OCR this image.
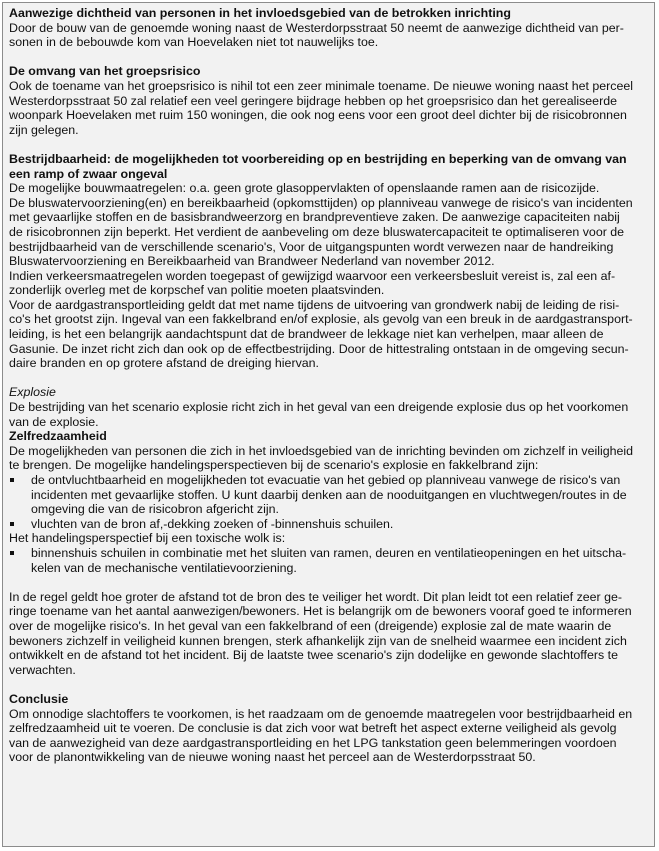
Aanwezige dichtheid van personen in het invloedsgebied van de betrokken inrichting

Door de bouw van de genoemde woning naast de Westerdorpsstraat 50 neemt de aanwezige dichtheid van per-

sonen in de bebouwde kom van Hoevelaken niet tot nauwelijks toe.

De omvang van het groepsrisico

Ook de toename van het groepsrisico is nihil tot een zeer minimale toename. De nieuwe woning naast het perceel

Westerdorpsstraat 50 zal relatief een veel geringere bijdrage hebben op het groepsrisico dan het gerealiseerde

woonpark Hoevelaken met ruim 150 woningen, die ook nog eens voor een groot deel dichter bij de risicobronnen

zijn gelegen.

Bestrijdbaarheid: de mogelijkheden tot voorbereiding op en bestrijding en beperking van de omvang van
een ramp of zwaar ongeval

De mogelijke bouwmaatregelen: o.a. geen grote glasoppervlakten of openslaande ramen aan de risicozijde.

De bluswatervoorziening(en) en bereikbaarheid (opkomsttijden) op planniveau vanwege de risico's van incidenten

met gevaarlijke stoffen en de basisbrandweerzorg en brandpreventieve zaken. De aanwezige capaciteiten nabij

de risicobronnen zijn beperkt. Het verdient de aanbeveling om deze bluswatercapaciteit te optimaliseren voor de

bestrijdbaarheid van de verschillende scenario's, Voor de uitgangspunten wordt verwezen naar de handreiking

Bluswatervoorziening en Bereikbaarheid van Brandweer Nederland van november 2012.

Indien verkeersmaatregelen worden toegepast of gewijzigd waarvoor een verkeersbesluit vereist is, zal een af-

zonderlijk overleg met de korpschef van politie moeten plaatsvinden.

Voor de aardgastransportleiding geldt dat met name tijdens de uitvoering van grondwerk nabij de leiding de risi-

co's het grootst zijn. Ingeval van een fakkelbrand en/of explosie, als gevolg van een breuk in de aardgastransport-

leiding, is het een belangrijk aandachtspunt dat de brandweer de lekkage niet kan verhelpen, maar alleen de

Gasunie. De inzet richt zich dan ook op de effectbestrijding. Door de hittestraling ontstaan in de omgeving secun-

daire branden en op grotere afstand de dreiging hiervan.

Explosie

De bestrijding van het scenario explosie richt zich in het geval van een dreigende explosie dus op het voorkomen

van de explosie.

Zelfredzaamheid

De mogelijkheden van personen die zich in het invloedsgebied van de inrichting bevinden om zichzelf in veiligheid

te brengen. De mogelijke handelingsperspectieven bij de scenario's explosie en fakkelbrand zijn:

de ontvluchtbaarheid en mogelijkheden tot evacuatie van het gebied op planniveau vanwege de risico's van
incidenten met gevaarlijke stoffen. U kunt daarbij denken aan de nooduitgangen en vluchtwegen/routes in de
omgeving die van de risicobron afgericht zijn.
vluchten van de bron af,-dekking zoeken of -binnenshuis schuilen.

Het handelingsperspectief bij een toxische wolk is:

binnenshuis schuilen in combinatie met het sluiten van ramen, deuren en ventilatieopeningen en het uitscha-
kelen van de mechanische ventilatievoorziening.

In de regel geldt hoe groter de afstand tot de bron des te veiliger het wordt. Dit plan leidt tot een relatief zeer ge-

ringe toename van het aantal aanwezigen/bewoners. Het is belangrijk om de bewoners vooraf goed te informeren

over de mogelijke risico's. In het geval van een fakkelbrand of een (dreigende) explosie zal de mate waarin de

bewoners zichzelf in veiligheid kunnen brengen, sterk afhankelijk zijn van de snelheid waarmee een incident zich

ontwikkelt en de afstand tot het incident. Bij de laatste twee scenario's zijn dodelijke en gewonde slachtoffers te

verwachten.

Conclusie

Om onnodige slachtoffers te voorkomen, is het raadzaam om de genoemde maatregelen voor bestrijdbaarheid en

zelfredzaamheid uit te voeren. De conclusie is dat zich voor wat betreft het aspect externe veiligheid als gevolg

van de aanwezigheid van deze aardgastransportleiding en het LPG tankstation geen belemmeringen voordoen

voor de planontwikkeling van de nieuwe woning naast het perceel aan de Westerdorpsstraat 50.
